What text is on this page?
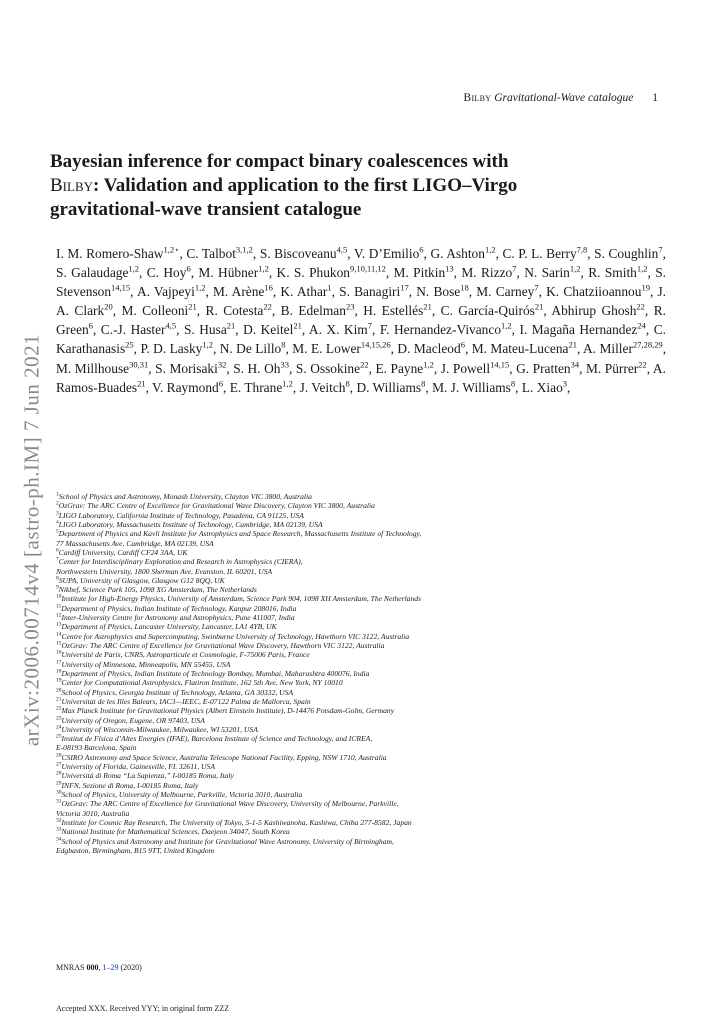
Bilby Gravitational-Wave catalogue 1
arXiv:2006.00714v4 [astro-ph.IM] 7 Jun 2021
Bayesian inference for compact binary coalescences with
Bilby: Validation and application to the first LIGO–Virgo
gravitational-wave transient catalogue
I. M. Romero-Shaw$^{1,2⋆}$, C. Talbot$^{3,1,2}$, S. Biscoveanu$^{4,5}$, V. D’Emilio$^6$, G. Ashton$^{1,2}$, C. P. L. Berry$^{7,8}$, S. Coughlin$^7$, S. Galaudage$^{1,2}$, C. Hoy$^6$, M. Hübner$^{1,2}$, K. S. Phukon$^{9,10,11,12}$, M. Pitkin$^{13}$, M. Rizzo$^7$, N. Sarin$^{1,2}$, R. Smith$^{1,2}$, S. Stevenson$^{14,15}$, A. Vajpeyi$^{1,2}$, M. Arène$^{16}$, K. Athar$^1$, S. Banagiri$^{17}$, N. Bose$^{18}$, M. Carney$^7$, K. Chatziioannou$^{19}$, J. A. Clark$^{20}$, M. Colleoni$^{21}$, R. Cotesta$^{22}$, B. Edelman$^{23}$, H. Estellés$^{21}$, C. García-Quirós$^{21}$, Abhirup Ghosh$^{22}$, R. Green$^6$, C.-J. Haster$^{4,5}$, S. Husa$^{21}$, D. Keitel$^{21}$, A. X. Kim$^7$, F. Hernandez-Vivanco$^{1,2}$, I. Magaña Hernandez$^{24}$, C. Karathanasis$^{25}$, P. D. Lasky$^{1,2}$, N. De Lillo$^8$, M. E. Lower$^{14,15,26}$, D. Macleod$^6$, M. Mateu-Lucena$^{21}$, A. Miller$^{27,28,29}$, M. Millhouse$^{30,31}$, S. Morisaki$^{32}$, S. H. Oh$^{33}$, S. Ossokine$^{22}$, E. Payne$^{1,2}$, J. Powell$^{14,15}$, G. Pratten$^{34}$, M. Pürrer$^{22}$, A. Ramos-Buades$^{21}$, V. Raymond$^6$, E. Thrane$^{1,2}$, J. Veitch$^8$, D. Williams$^8$, M. J. Williams$^8$, L. Xiao$^3$,
$^1$School of Physics and Astronomy, Monash University, Clayton VIC 3800, Australia
$^2$OzGrav: The ARC Centre of Excellence for Gravitational Wave Discovery, Clayton VIC 3800, Australia
$^3$LIGO Laboratory, California Institute of Technology, Pasadena, CA 91125, USA
$^4$LIGO Laboratory, Massachusetts Institute of Technology, Cambridge, MA 02139, USA
$^5$Department of Physics and Kavli Institute for Astrophysics and Space Research, Massachusetts Institute of Technology,
77 Massachusetts Ave, Cambridge, MA 02139, USA
$^6$Cardiff University, Cardiff CF24 3AA, UK
$^7$Center for Interdisciplinary Exploration and Research in Astrophysics (CIERA),
Northwestern University, 1800 Sherman Ave, Evanston, IL 60201, USA
$^8$SUPA, University of Glasgow, Glasgow G12 8QQ, UK
$^9$Nikhef, Science Park 105, 1098 XG Amsterdam, The Netherlands
$^{10}$Institute for High-Energy Physics, University of Amsterdam, Science Park 904, 1098 XH Amsterdam, The Netherlands
$^{11}$Department of Physics, Indian Institute of Technology, Kanpur 208016, India
$^{12}$Inter-University Centre for Astronomy and Astrophysics, Pune 411007, India
$^{13}$Department of Physics, Lancaster University, Lancaster, LA1 4YB, UK
$^{14}$Centre for Astrophysics and Supercomputing, Swinburne University of Technology, Hawthorn VIC 3122, Australia
$^{15}$OzGrav: The ARC Centre of Excellence for Gravitational Wave Discovery, Hawthorn VIC 3122, Australia
$^{16}$Université de Paris, CNRS, Astroparticule et Cosmologie, F-75006 Paris, France
$^{17}$University of Minnesota, Minneapolis, MN 55455, USA
$^{18}$Department of Physics, Indian Institute of Technology Bombay, Mumbai, Maharashtra 400076, India
$^{19}$Center for Computational Astrophysics, Flatiron Institute, 162 5th Ave, New York, NY 10010
$^{20}$School of Physics, Georgia Institute of Technology, Atlanta, GA 30332, USA
$^{21}$Universitat de les Illes Balears, IAC3—IEEC, E-07122 Palma de Mallorca, Spain
$^{22}$Max Planck Institute for Gravitational Physics (Albert Einstein Institute), D-14476 Potsdam-Golm, Germany
$^{23}$University of Oregon, Eugene, OR 97403, USA
$^{24}$University of Wisconsin-Milwaukee, Milwaukee, WI 53201, USA
$^{25}$Institut de Física d’Altes Energies (IFAE), Barcelona Institute of Science and Technology, and ICREA,
E-08193 Barcelona, Spain
$^{26}$CSIRO Astronomy and Space Science, Australia Telescope National Facility, Epping, NSW 1710, Australia
$^{27}$University of Florida, Gainesville, FL 32611, USA
$^{28}$Università di Roma “La Sapienza,” I-00185 Roma, Italy
$^{29}$INFN, Sezione di Roma, I-00185 Roma, Italy
$^{30}$School of Physics, University of Melbourne, Parkville, Victoria 3010, Australia
$^{31}$OzGrav: The ARC Centre of Excellence for Gravitational Wave Discovery, University of Melbourne, Parkville,
Victoria 3010, Australia
$^{32}$Institute for Cosmic Ray Research, The University of Tokyo, 5-1-5 Kashiwanoha, Kashiwa, Chiba 277-8582, Japan
$^{33}$National Institute for Mathematical Sciences, Daejeon 34047, South Korea
$^{34}$School of Physics and Astronomy and Institute for Gravitational Wave Astronomy, University of Birmingham,
Edgbaston, Birmingham, B15 9TT, United Kingdom
MNRAS 000, 1–29 (2020)
Accepted XXX. Received YYY; in original form ZZZ
